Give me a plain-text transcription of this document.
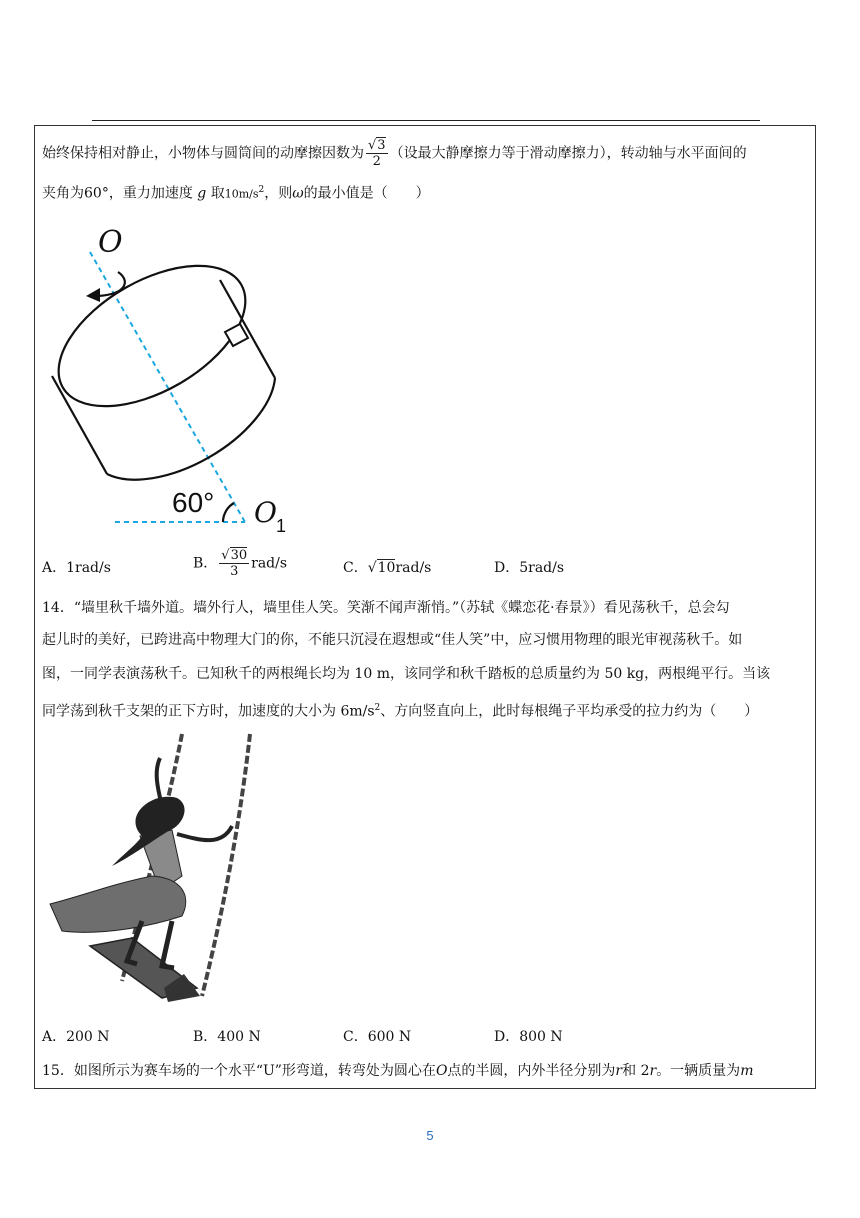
始终保持相对静止，小物体与圆筒间的动摩擦因数为 $\frac{√3}{2}$ （设最大静摩擦力等于滑动摩擦力），转动轴与水平面间的
夹角为60°，重力加速度 g 取$10m/s^2$，则ω的最小值是（　　）
O
60° O 1
A．1rad/s	B． $\frac{√30}{3} rad/s$	C．√10rad/s	D．5rad/s
14．“墙里秋千墙外道。墙外行人，墙里佳人笑。笑渐不闻声渐悄。”（苏轼《蝶恋花·春景》）看见荡秋千，总会勾
起儿时的美好，已跨进高中物理大门的你，不能只沉浸在遐想或“佳人笑”中，应习惯用物理的眼光审视荡秋千。如
图，一同学表演荡秋千。已知秋千的两根绳长均为 10 m，该同学和秋千踏板的总质量约为 50 kg，两根绳平行。当该
同学荡到秋千支架的正下方时，加速度的大小为 $6m/s^2$、方向竖直向上，此时每根绳子平均承受的拉力约为（　　）
A．200 N	B．400 N	C．600 N	D．800 N
15．如图所示为赛车场的一个水平“U”形弯道，转弯处为圆心在O点的半圆，内外半径分别为r和 2r。一辆质量为m
5
